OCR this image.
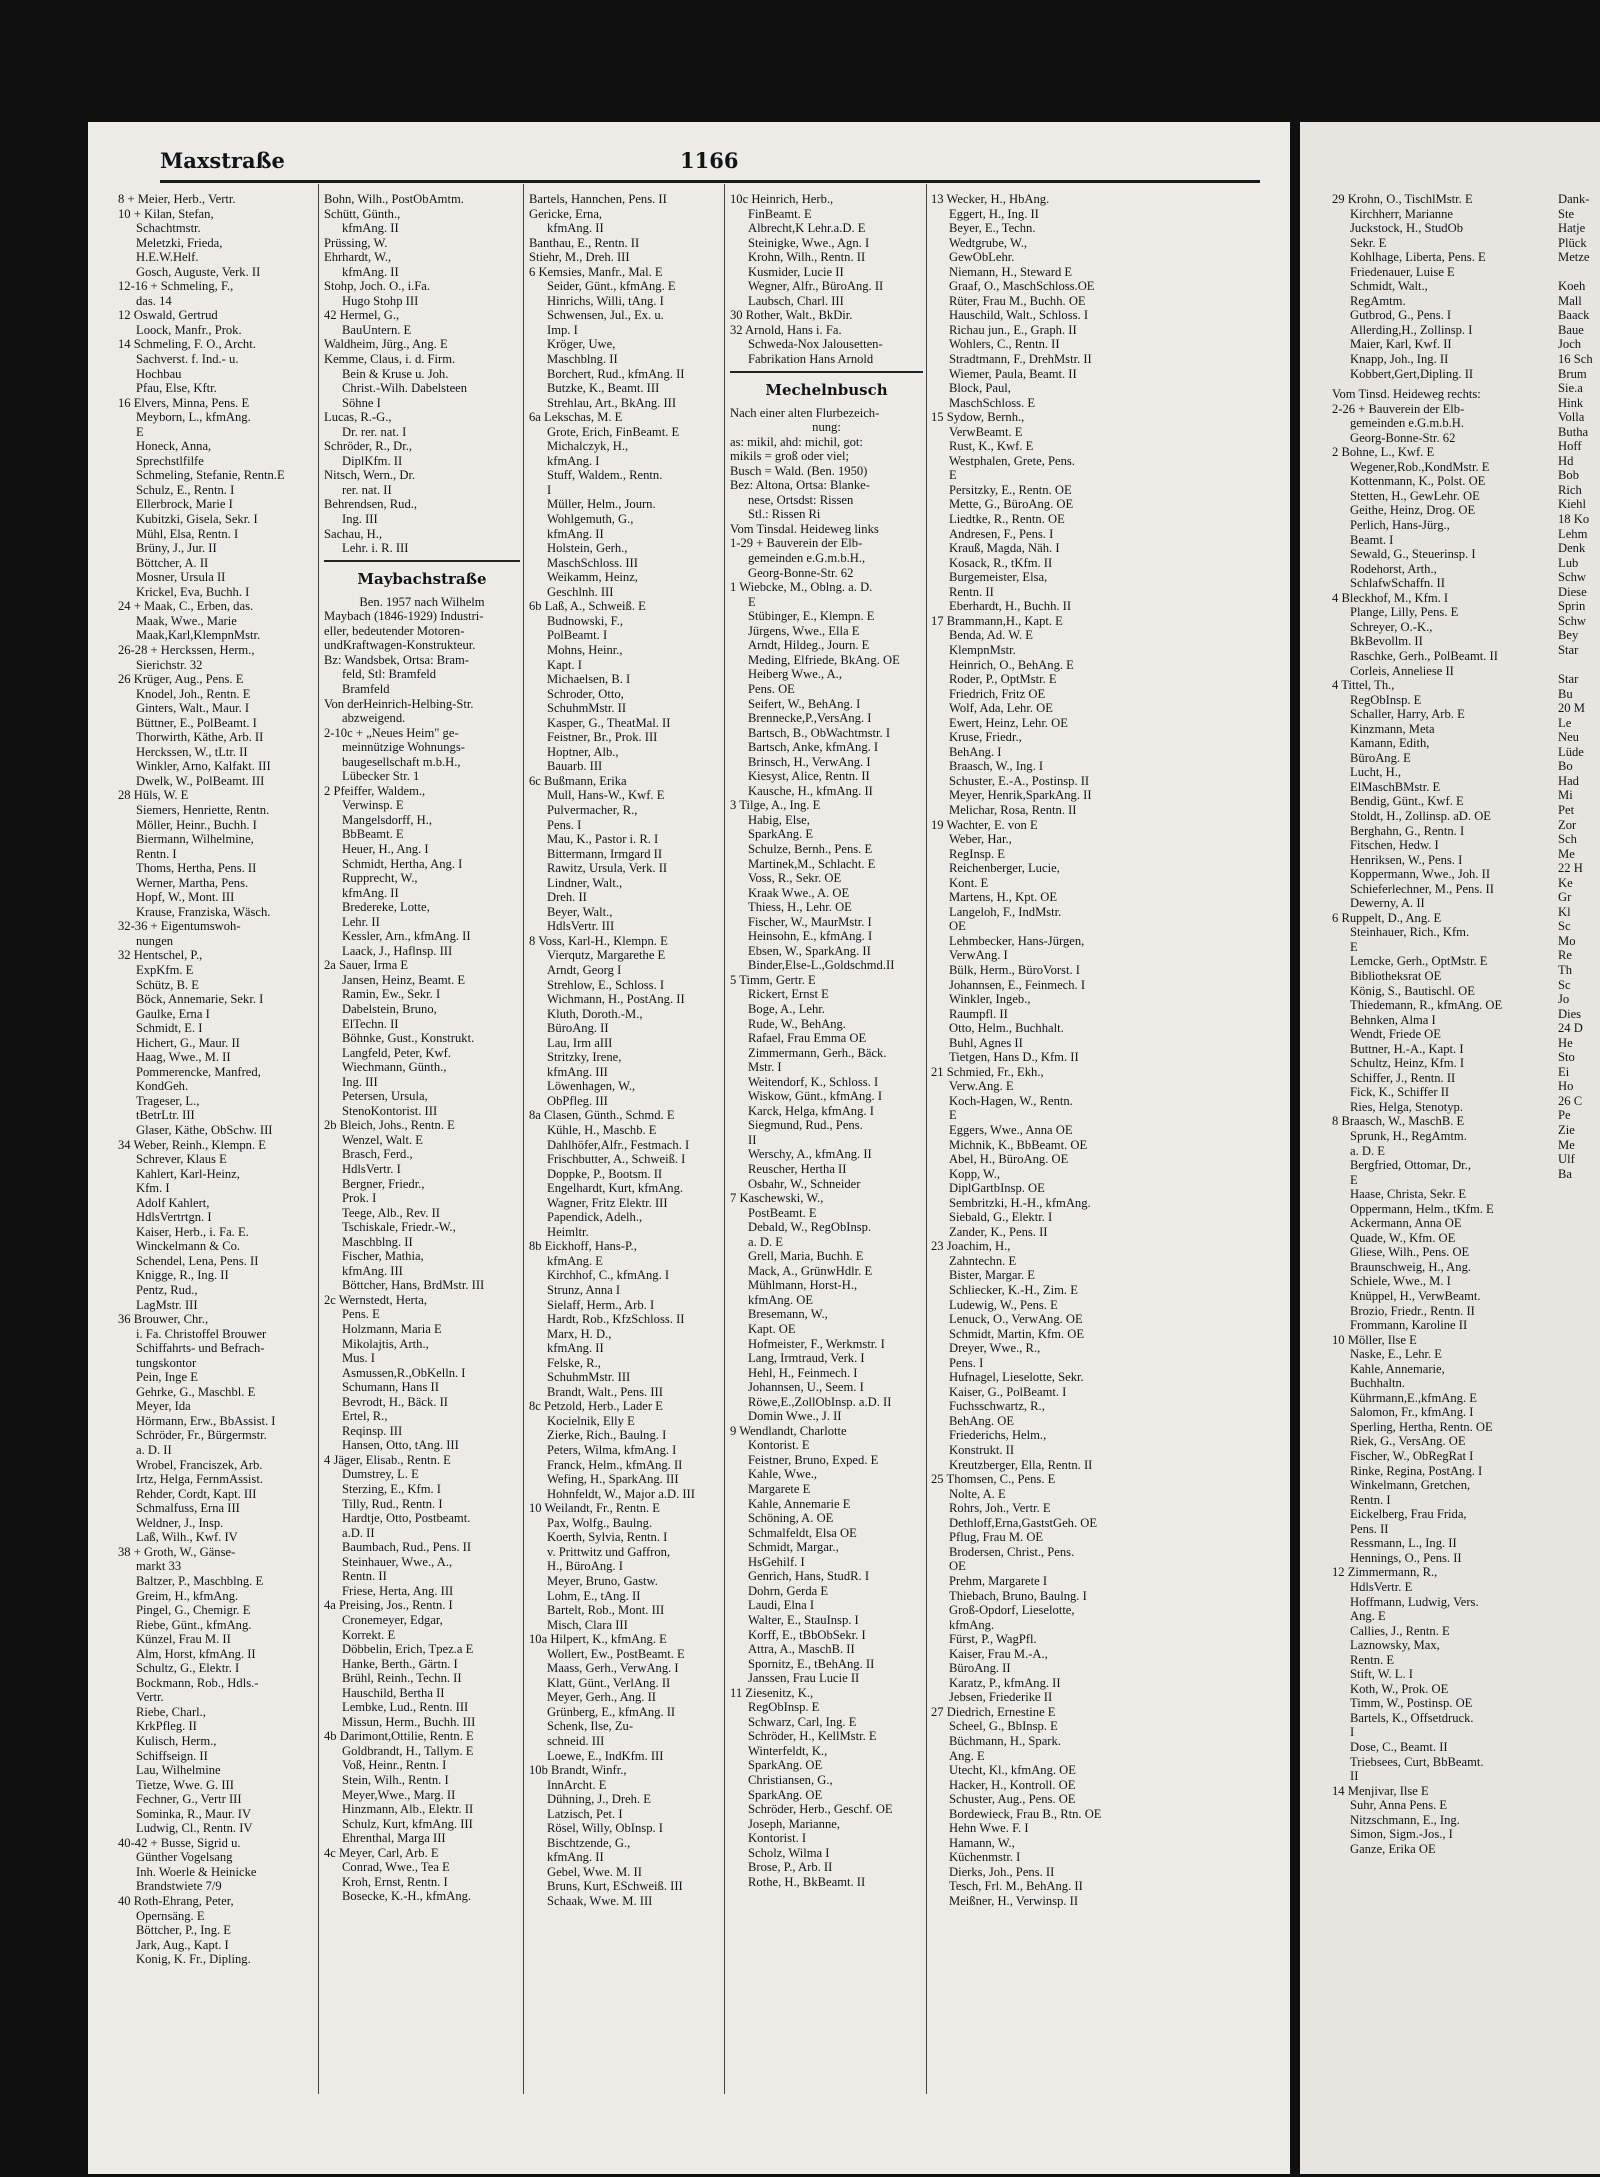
Maxstraße	1166
8 + Meier, Herb., Vertr.
10 + Kilan, Stefan,
Schachtmstr.
Meletzki, Frieda,
H.E.W.Helf.
Gosch, Auguste, Verk. II
12-16 + Schmeling, F.,
das. 14
12 Oswald, Gertrud
Loock, Manfr., Prok.
14 Schmeling, F. O., Archt.
Sachverst. f. Ind.- u.
Hochbau
Pfau, Else, Kftr.
16 Elvers, Minna, Pens. E
Meyborn, L., kfmAng.
E
Honeck, Anna,
Sprechstlfilfe
Schmeling, Stefanie, Rentn.E
Schulz, E., Rentn. I
Ellerbrock, Marie I
Kubitzki, Gisela, Sekr. I
Mühl, Elsa, Rentn. I
Brüny, J., Jur. II
Böttcher, A. II
Mosner, Ursula II
Krickel, Eva, Buchh. I
24 + Maak, C., Erben, das.
Maak, Wwe., Marie
Maak,Karl,KlempnMstr.
26-28 + Herckssen, Herm.,
Sierichstr. 32
26 Krüger, Aug., Pens. E
Knodel, Joh., Rentn. E
Ginters, Walt., Maur. I
Büttner, E., PolBeamt. I
Thorwirth, Käthe, Arb. II
Herckssen, W., tLtr. II
Winkler, Arno, Kalfakt. III
Dwelk, W., PolBeamt. III
28 Hüls, W. E
Siemers, Henriette, Rentn.
Möller, Heinr., Buchh. I
Biermann, Wilhelmine,
Rentn. I
Thoms, Hertha, Pens. II
Werner, Martha, Pens.
Hopf, W., Mont. III
Krause, Franziska, Wäsch.
32-36 + Eigentumswoh-
nungen
32 Hentschel, P.,
ExpKfm. E
Schütz, B. E
Böck, Annemarie, Sekr. I
Gaulke, Erna I
Schmidt, E. I
Hichert, G., Maur. II
Haag, Wwe., M. II
Pommerencke, Manfred,
KondGeh.
Trageser, L.,
tBetrLtr. III
Glaser, Käthe, ObSchw. III
34 Weber, Reinh., Klempn. E
Schrever, Klaus E
Kahlert, Karl-Heinz,
Kfm. I
Adolf Kahlert,
HdlsVertrtgn. I
Kaiser, Herb., i. Fa. E.
Winckelmann & Co.
Schendel, Lena, Pens. II
Knigge, R., Ing. II
Pentz, Rud.,
LagMstr. III
36 Brouwer, Chr.,
i. Fa. Christoffel Brouwer
Schiffahrts- und Befrach-
tungskontor
Pein, Inge E
Gehrke, G., Maschbl. E
Meyer, Ida
Hörmann, Erw., BbAssist. I
Schröder, Fr., Bürgermstr.
a. D. II
Wrobel, Franciszek, Arb.
Irtz, Helga, FernmAssist.
Rehder, Cordt, Kapt. III
Schmalfuss, Erna III
Weldner, J., Insp.
Laß, Wilh., Kwf. IV
38 + Groth, W., Gänse-
markt 33
Baltzer, P., Maschblng. E
Greim, H., kfmAng.
Pingel, G., Chemigr. E
Riebe, Günt., kfmAng.
Künzel, Frau M. II
Alm, Horst, kfmAng. II
Schultz, G., Elektr. I
Bockmann, Rob., Hdls.-
Vertr.
Riebe, Charl.,
KrkPfleg. II
Kulisch, Herm.,
Schiffseign. II
Lau, Wilhelmine
Tietze, Wwe. G. III
Fechner, G., Vertr III
Sominka, R., Maur. IV
Ludwig, Cl., Rentn. IV
40-42 + Busse, Sigrid u.
Günther Vogelsang
Inh. Woerle & Heinicke
Brandstwiete 7/9
40 Roth-Ehrang, Peter,
Opernsäng. E
Böttcher, P., Ing. E
Jark, Aug., Kapt. I
Konig, K. Fr., Dipling.
Bohn, Wilh., PostObAmtm.
Schütt, Günth.,
kfmAng. II
Prüssing, W.
Ehrhardt, W.,
kfmAng. II
Stohp, Joch. O., i.Fa.
Hugo Stohp III
42 Hermel, G.,
BauUntern. E
Waldheim, Jürg., Ang. E
Kemme, Claus, i. d. Firm.
Bein & Kruse u. Joh.
Christ.-Wilh. Dabelsteen
Söhne I
Lucas, R.-G.,
Dr. rer. nat. I
Schröder, R., Dr.,
DiplKfm. II
Nitsch, Wern., Dr.
rer. nat. II
Behrendsen, Rud.,
Ing. III
Sachau, H.,
Lehr. i. R. III
Maybachstraße
Ben. 1957 nach Wilhelm
Maybach (1846-1929) Industri-
eller, bedeutender Motoren-
undKraftwagen-Konstrukteur.
Bz: Wandsbek, Ortsa: Bram-
feld, Stl: Bramfeld
Bramfeld
Von derHeinrich-Helbing-Str.
abzweigend.
2-10c + „Neues Heim" ge-
meinnützige Wohnungs-
baugesellschaft m.b.H.,
Lübecker Str. 1
2 Pfeiffer, Waldem.,
Verwinsp. E
Mangelsdorff, H.,
BbBeamt. E
Heuer, H., Ang. I
Schmidt, Hertha, Ang. I
Rupprecht, W.,
kfmAng. II
Bredereke, Lotte,
Lehr. II
Kessler, Arn., kfmAng. II
Laack, J., Haflnsp. III
2a Sauer, Irma E
Jansen, Heinz, Beamt. E
Ramin, Ew., Sekr. I
Dabelstein, Bruno,
ElTechn. II
Böhnke, Gust., Konstrukt.
Langfeld, Peter, Kwf.
Wiechmann, Günth.,
Ing. III
Petersen, Ursula,
StenoKontorist. III
2b Bleich, Johs., Rentn. E
Wenzel, Walt. E
Brasch, Ferd.,
HdlsVertr. I
Bergner, Friedr.,
Prok. I
Teege, Alb., Rev. II
Tschiskale, Friedr.-W.,
Maschblng. II
Fischer, Mathia,
kfmAng. III
Böttcher, Hans, BrdMstr. III
2c Wernstedt, Herta,
Pens. E
Holzmann, Maria E
Mikolajtis, Arth.,
Mus. I
Asmussen,R.,ObKelln. I
Schumann, Hans II
Bevrodt, H., Bäck. II
Ertel, R.,
Reqinsp. III
Hansen, Otto, tAng. III
4 Jäger, Elisab., Rentn. E
Dumstrey, L. E
Sterzing, E., Kfm. I
Tilly, Rud., Rentn. I
Hardtje, Otto, Postbeamt.
a.D. II
Baumbach, Rud., Pens. II
Steinhauer, Wwe., A.,
Rentn. II
Friese, Herta, Ang. III
4a Preising, Jos., Rentn. I
Cronemeyer, Edgar,
Korrekt. E
Döbbelin, Erich, Tpez.a E
Hanke, Berth., Gärtn. I
Brühl, Reinh., Techn. II
Hauschild, Bertha II
Lembke, Lud., Rentn. III
Missun, Herm., Buchh. III
4b Darimont,Ottilie, Rentn. E
Goldbrandt, H., Tallym. E
Voß, Heinr., Rentn. I
Stein, Wilh., Rentn. I
Meyer,Wwe., Marg. II
Hinzmann, Alb., Elektr. II
Schulz, Kurt, kfmAng. III
Ehrenthal, Marga III
4c Meyer, Carl, Arb. E
Conrad, Wwe., Tea E
Kroh, Ernst, Rentn. I
Bosecke, K.-H., kfmAng.
Bartels, Hannchen, Pens. II
Gericke, Erna,
kfmAng. II
Banthau, E., Rentn. II
Stiehr, M., Dreh. III
6 Kemsies, Manfr., Mal. E
Seider, Günt., kfmAng. E
Hinrichs, Willi, tAng. I
Schwensen, Jul., Ex. u.
Imp. I
Kröger, Uwe,
Maschblng. II
Borchert, Rud., kfmAng. II
Butzke, K., Beamt. III
Strehlau, Art., BkAng. III
6a Lekschas, M. E
Grote, Erich, FinBeamt. E
Michalczyk, H.,
kfmAng. I
Stuff, Waldem., Rentn.
I
Müller, Helm., Journ.
Wohlgemuth, G.,
kfmAng. II
Holstein, Gerh.,
MaschSchloss. III
Weikamm, Heinz,
Geschlnh. III
6b Laß, A., Schweiß. E
Budnowski, F.,
PolBeamt. I
Mohns, Heinr.,
Kapt. I
Michaelsen, B. I
Schroder, Otto,
SchuhmMstr. II
Kasper, G., TheatMal. II
Feistner, Br., Prok. III
Hoptner, Alb.,
Bauarb. III
6c Bußmann, Erika
Mull, Hans-W., Kwf. E
Pulvermacher, R.,
Pens. I
Mau, K., Pastor i. R. I
Bittermann, Irmgard II
Rawitz, Ursula, Verk. II
Lindner, Walt.,
Dreh. II
Beyer, Walt.,
HdlsVertr. III
8 Voss, Karl-H., Klempn. E
Vierqutz, Margarethe E
Arndt, Georg I
Strehlow, E., Schloss. I
Wichmann, H., PostAng. II
Kluth, Doroth.-M.,
BüroAng. II
Lau, Irm aIII
Stritzky, Irene,
kfmAng. III
Löwenhagen, W.,
ObPfleg. III
8a Clasen, Günth., Schmd. E
Kühle, H., Maschb. E
Dahlhöfer,Alfr., Festmach. I
Frischbutter, A., Schweiß. I
Doppke, P., Bootsm. II
Engelhardt, Kurt, kfmAng.
Wagner, Fritz Elektr. III
Papendick, Adelh.,
Heimltr.
8b Eickhoff, Hans-P.,
kfmAng. E
Kirchhof, C., kfmAng. I
Strunz, Anna I
Sielaff, Herm., Arb. I
Hardt, Rob., KfzSchloss. II
Marx, H. D.,
kfmAng. II
Felske, R.,
SchuhmMstr. III
Brandt, Walt., Pens. III
8c Petzold, Herb., Lader E
Kocielnik, Elly E
Zierke, Rich., Baulng. I
Peters, Wilma, kfmAng. I
Franck, Helm., kfmAng. II
Wefing, H., SparkAng. III
Hohnfeldt, W., Major a.D. III
10 Weilandt, Fr., Rentn. E
Pax, Wolfg., Baulng.
Koerth, Sylvia, Rentn. I
v. Prittwitz und Gaffron,
H., BüroAng. I
Meyer, Bruno, Gastw.
Lohm, E., tAng. II
Bartelt, Rob., Mont. III
Misch, Clara III
10a Hilpert, K., kfmAng. E
Wollert, Ew., PostBeamt. E
Maass, Gerh., VerwAng. I
Klatt, Günt., VerlAng. II
Meyer, Gerh., Ang. II
Grünberg, E., kfmAng. II
Schenk, Ilse, Zu-
schneid. III
Loewe, E., IndKfm. III
10b Brandt, Winfr.,
InnArcht. E
Dühning, J., Dreh. E
Latzisch, Pet. I
Rösel, Willy, ObInsp. I
Bischtzende, G.,
kfmAng. II
Gebel, Wwe. M. II
Bruns, Kurt, ESchweiß. III
Schaak, Wwe. M. III
10c Heinrich, Herb.,
FinBeamt. E
Albrecht,K Lehr.a.D. E
Steinigke, Wwe., Agn. I
Krohn, Wilh., Rentn. II
Kusmider, Lucie II
Wegner, Alfr., BüroAng. II
Laubsch, Charl. III
30 Rother, Walt., BkDir.
32 Arnold, Hans i. Fa.
Schweda-Nox Jalousetten-
Fabrikation Hans Arnold
Mechelnbusch
Nach einer alten Flurbezeich-
nung:
as: mikil, ahd: michil, got:
mikils = groß oder viel;
Busch = Wald. (Ben. 1950)
Bez: Altona, Ortsa: Blanke-
nese, Ortsdst: Rissen
Stl.: Rissen Ri
Vom Tinsdal. Heideweg links
1-29 + Bauverein der Elb-
gemeinden e.G.m.b.H.,
Georg-Bonne-Str. 62
1 Wiebcke, M., Oblng. a. D.
E
Stübinger, E., Klempn. E
Jürgens, Wwe., Ella E
Arndt, Hildeg., Journ. E
Meding, Elfriede, BkAng. OE
Heiberg Wwe., A.,
Pens. OE
Seifert, W., BehAng. I
Brennecke,P.,VersAng. I
Bartsch, B., ObWachtmstr. I
Bartsch, Anke, kfmAng. I
Brinsch, H., VerwAng. I
Kiesyst, Alice, Rentn. II
Kausche, H., kfmAng. II
3 Tilge, A., Ing. E
Habig, Else,
SparkAng. E
Schulze, Bernh., Pens. E
Martinek,M., Schlacht. E
Voss, R., Sekr. OE
Kraak Wwe., A. OE
Thiess, H., Lehr. OE
Fischer, W., MaurMstr. I
Heinsohn, E., kfmAng. I
Ebsen, W., SparkAng. II
Binder,Else-L.,Goldschmd.II
5 Timm, Gertr. E
Rickert, Ernst E
Boge, A., Lehr.
Rude, W., BehAng.
Rafael, Frau Emma OE
Zimmermann, Gerh., Bäck.
Mstr. I
Weitendorf, K., Schloss. I
Wiskow, Günt., kfmAng. I
Karck, Helga, kfmAng. I
Siegmund, Rud., Pens.
II
Werschy, A., kfmAng. II
Reuscher, Hertha II
Osbahr, W., Schneider
7 Kaschewski, W.,
PostBeamt. E
Debald, W., RegObInsp.
a. D. E
Grell, Maria, Buchh. E
Mack, A., GrünwHdlr. E
Mühlmann, Horst-H.,
kfmAng. OE
Bresemann, W.,
Kapt. OE
Hofmeister, F., Werkmstr. I
Lang, Irmtraud, Verk. I
Hehl, H., Feinmech. I
Johannsen, U., Seem. I
Röwe,E.,ZollObInsp. a.D. II
Domin Wwe., J. II
9 Wendlandt, Charlotte
Kontorist. E
Feistner, Bruno, Exped. E
Kahle, Wwe.,
Margarete E
Kahle, Annemarie E
Schöning, A. OE
Schmalfeldt, Elsa OE
Schmidt, Margar.,
HsGehilf. I
Genrich, Hans, StudR. I
Dohrn, Gerda E
Laudi, Elna I
Walter, E., StauInsp. I
Korff, E., tBbObSekr. I
Attra, A., MaschB. II
Spornitz, E., tBehAng. II
Janssen, Frau Lucie II
11 Ziesenitz, K.,
RegObInsp. E
Schwarz, Carl, Ing. E
Schröder, H., KellMstr. E
Winterfeldt, K.,
SparkAng. OE
Christiansen, G.,
SparkAng. OE
Schröder, Herb., Geschf. OE
Joseph, Marianne,
Kontorist. I
Scholz, Wilma I
Brose, P., Arb. II
Rothe, H., BkBeamt. II
13 Wecker, H., HbAng.
Eggert, H., Ing. II
Beyer, E., Techn.
Wedtgrube, W.,
GewObLehr.
Niemann, H., Steward E
Graaf, O., MaschSchloss.OE
Rüter, Frau M., Buchh. OE
Hauschild, Walt., Schloss. I
Richau jun., E., Graph. II
Wohlers, C., Rentn. II
Stradtmann, F., DrehMstr. II
Wiemer, Paula, Beamt. II
Block, Paul,
MaschSchloss. E
15 Sydow, Bernh.,
VerwBeamt. E
Rust, K., Kwf. E
Westphalen, Grete, Pens.
E
Persitzky, E., Rentn. OE
Mette, G., BüroAng. OE
Liedtke, R., Rentn. OE
Andresen, F., Pens. I
Krauß, Magda, Näh. I
Kosack, R., tKfm. II
Burgemeister, Elsa,
Rentn. II
Eberhardt, H., Buchh. II
17 Brammann,H., Kapt. E
Benda, Ad. W. E
KlempnMstr.
Heinrich, O., BehAng. E
Roder, P., OptMstr. E
Friedrich, Fritz OE
Wolf, Ada, Lehr. OE
Ewert, Heinz, Lehr. OE
Kruse, Friedr.,
BehAng. I
Braasch, W., Ing. I
Schuster, E.-A., Postinsp. II
Meyer, Henrik,SparkAng. II
Melichar, Rosa, Rentn. II
19 Wachter, E. von E
Weber, Har.,
RegInsp. E
Reichenberger, Lucie,
Kont. E
Martens, H., Kpt. OE
Langeloh, F., IndMstr.
OE
Lehmbecker, Hans-Jürgen,
VerwAng. I
Bülk, Herm., BüroVorst. I
Johannsen, E., Feinmech. I
Winkler, Ingeb.,
Raumpfl. II
Otto, Helm., Buchhalt.
Buhl, Agnes II
Tietgen, Hans D., Kfm. II
21 Schmied, Fr., Ekh.,
Verw.Ang. E
Koch-Hagen, W., Rentn.
E
Eggers, Wwe., Anna OE
Michnik, K., BbBeamt. OE
Abel, H., BüroAng. OE
Kopp, W.,
DiplGartbInsp. OE
Sembritzki, H.-H., kfmAng.
Siebald, G., Elektr. I
Zander, K., Pens. II
23 Joachim, H.,
Zahntechn. E
Bister, Margar. E
Schliecker, K.-H., Zim. E
Ludewig, W., Pens. E
Lenuck, O., VerwAng. OE
Schmidt, Martin, Kfm. OE
Dreyer, Wwe., R.,
Pens. I
Hufnagel, Lieselotte, Sekr.
Kaiser, G., PolBeamt. I
Fuchsschwartz, R.,
BehAng. OE
Friederichs, Helm.,
Konstrukt. II
Kreutzberger, Ella, Rentn. II
25 Thomsen, C., Pens. E
Nolte, A. E
Rohrs, Joh., Vertr. E
Dethloff,Erna,GaststGeh. OE
Pflug, Frau M. OE
Brodersen, Christ., Pens.
OE
Prehm, Margarete I
Thiebach, Bruno, Baulng. I
Groß-Opdorf, Lieselotte,
kfmAng.
Fürst, P., WagPfl.
Kaiser, Frau M.-A.,
BüroAng. II
Karatz, P., kfmAng. II
Jebsen, Friederike II
27 Diedrich, Ernestine E
Scheel, G., BbInsp. E
Büchmann, H., Spark.
Ang. E
Utecht, Kl., kfmAng. OE
Hacker, H., Kontroll. OE
Schuster, Aug., Pens. OE
Bordewieck, Frau B., Rtn. OE
Hehn Wwe. F. I
Hamann, W.,
Küchenmstr. I
Dierks, Joh., Pens. II
Tesch, Frl. M., BehAng. II
Meißner, H., Verwinsp. II
29 Krohn, O., TischlMstr. E
Kirchherr, Marianne
Juckstock, H., StudOb
Sekr. E
Kohlhage, Liberta, Pens. E
Friedenauer, Luise E
Schmidt, Walt.,
RegAmtm.
Gutbrod, G., Pens. I
Allerding,H., Zollinsp. I
Maier, Karl, Kwf. II
Knapp, Joh., Ing. II
Kobbert,Gert,Dipling. II
Vom Tinsd. Heideweg rechts:
2-26 + Bauverein der Elb-
gemeinden e.G.m.b.H.
Georg-Bonne-Str. 62
2 Bohne, L., Kwf. E
Wegener,Rob.,KondMstr. E
Kottenmann, K., Polst. OE
Stetten, H., GewLehr. OE
Geithe, Heinz, Drog. OE
Perlich, Hans-Jürg.,
Beamt. I
Sewald, G., Steuerinsp. I
Rodehorst, Arth.,
SchlafwSchaffn. II
4 Bleckhof, M., Kfm. I
Plange, Lilly, Pens. E
Schreyer, O.-K.,
BkBevollm. II
Raschke, Gerh., PolBeamt. II
Corleis, Anneliese II
4 Tittel, Th.,
RegObInsp. E
Schaller, Harry, Arb. E
Kinzmann, Meta
Kamann, Edith,
BüroAng. E
Lucht, H.,
ElMaschBMstr. E
Bendig, Günt., Kwf. E
Stoldt, H., Zollinsp. aD. OE
Berghahn, G., Rentn. I
Fitschen, Hedw. I
Henriksen, W., Pens. I
Koppermann, Wwe., Joh. II
Schieferlechner, M., Pens. II
Dewerny, A. II
6 Ruppelt, D., Ang. E
Steinhauer, Rich., Kfm.
E
Lemcke, Gerh., OptMstr. E
Bibliotheksrat OE
König, S., Bautischl. OE
Thiedemann, R., kfmAng. OE
Behnken, Alma I
Wendt, Friede OE
Buttner, H.-A., Kapt. I
Schultz, Heinz, Kfm. I
Schiffer, J., Rentn. II
Fick, K., Schiffer II
Ries, Helga, Stenotyp.
8 Braasch, W., MaschB. E
Sprunk, H., RegAmtm.
a. D. E
Bergfried, Ottomar, Dr.,
E
Haase, Christa, Sekr. E
Oppermann, Helm., tKfm. E
Ackermann, Anna OE
Quade, W., Kfm. OE
Gliese, Wilh., Pens. OE
Braunschweig, H., Ang.
Schiele, Wwe., M. I
Knüppel, H., VerwBeamt.
Brozio, Friedr., Rentn. II
Frommann, Karoline II
10 Möller, Ilse E
Naske, E., Lehr. E
Kahle, Annemarie,
Buchhaltn.
Kührmann,E.,kfmAng. E
Salomon, Fr., kfmAng. I
Sperling, Hertha, Rentn. OE
Riek, G., VersAng. OE
Fischer, W., ObRegRat I
Rinke, Regina, PostAng. I
Winkelmann, Gretchen,
Rentn. I
Eickelberg, Frau Frida,
Pens. II
Ressmann, L., Ing. II
Hennings, O., Pens. II
12 Zimmermann, R.,
HdlsVertr. E
Hoffmann, Ludwig, Vers.
Ang. E
Callies, J., Rentn. E
Laznowsky, Max,
Rentn. E
Stift, W. L. I
Koth, W., Prok. OE
Timm, W., Postinsp. OE
Bartels, K., Offsetdruck.
I
Dose, C., Beamt. II
Triebsees, Curt, BbBeamt.
II
14 Menjivar, Ilse E
Suhr, Anna Pens. E
Nitzschmann, E., Ing.
Simon, Sigm.-Jos., I
Ganze, Erika OE
Dank-
Ste
Hatje
Plück
Metze
Koeh
Mall
Baack
Baue
Joch
16 Sch
Brum
Sie.a
Hink
Volla
Butha
Hoff
Hd
Bob
Rich
Kiehl
18 Ko
Lehm
Denk
Lub
Schw
Diese
Sprin
Schw
Bey
Star
Star
Bu
20 M
Le
Neu
Lüde
Bo
Had
Mi
Pet
Zor
Sch
Me
22 H
Ke
Gr
Kl
Sc
Mo
Re
Th
Sc
Jo
Dies
24 D
He
Sto
Ei
Ho
26 C
Pe
Zie
Me
Ulf
Ba
